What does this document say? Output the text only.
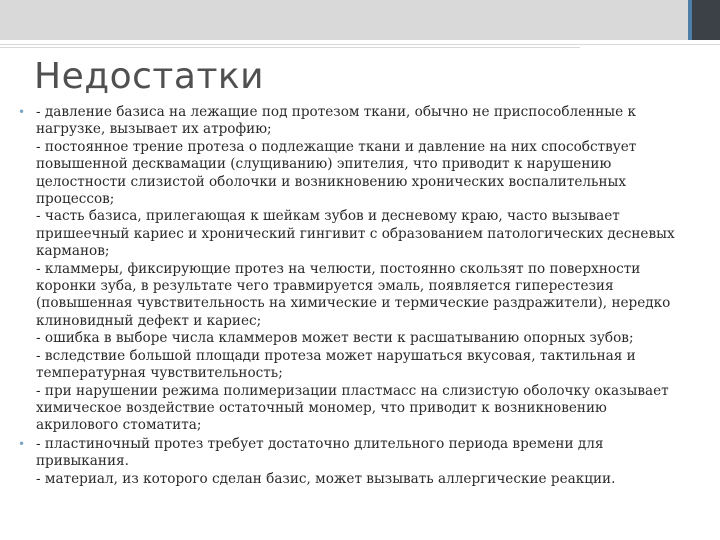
Недостатки
• - давление базиса на лежащие под протезом ткани, обычно не приспособленные к
нагрузке, вызывает их атрофию;
- постоянное трение протеза о подлежащие ткани и давление на них способствует
повышенной десквамации (слущиванию) эпителия, что приводит к нарушению
целостности слизистой оболочки и возникновению хронических воспалительных
процессов;
- часть базиса, прилегающая к шейкам зубов и десневому краю, часто вызывает
пришеечный кариес и хронический гингивит с образованием патологических десневых
карманов;
- кламмеры, фиксирующие протез на челюсти, постоянно скользят по поверхности
коронки зуба, в результате чего травмируется эмаль, появляется гиперестезия
(повышенная чувствительность на химические и термические раздражители), нередко
клиновидный дефект и кариес;
- ошибка в выборе числа кламмеров может вести к расшатыванию опорных зубов;
- вследствие большой площади протеза может нарушаться вкусовая, тактильная и
температурная чувствительность;
- при нарушении режима полимеризации пластмасс на слизистую оболочку оказывает
химическое воздействие остаточный мономер, что приводит к возникновению
акрилового стоматита;
• - пластиночный протез требует достаточно длительного периода времени для
привыкания.
- материал, из которого сделан базис, может вызывать аллергические реакции.
